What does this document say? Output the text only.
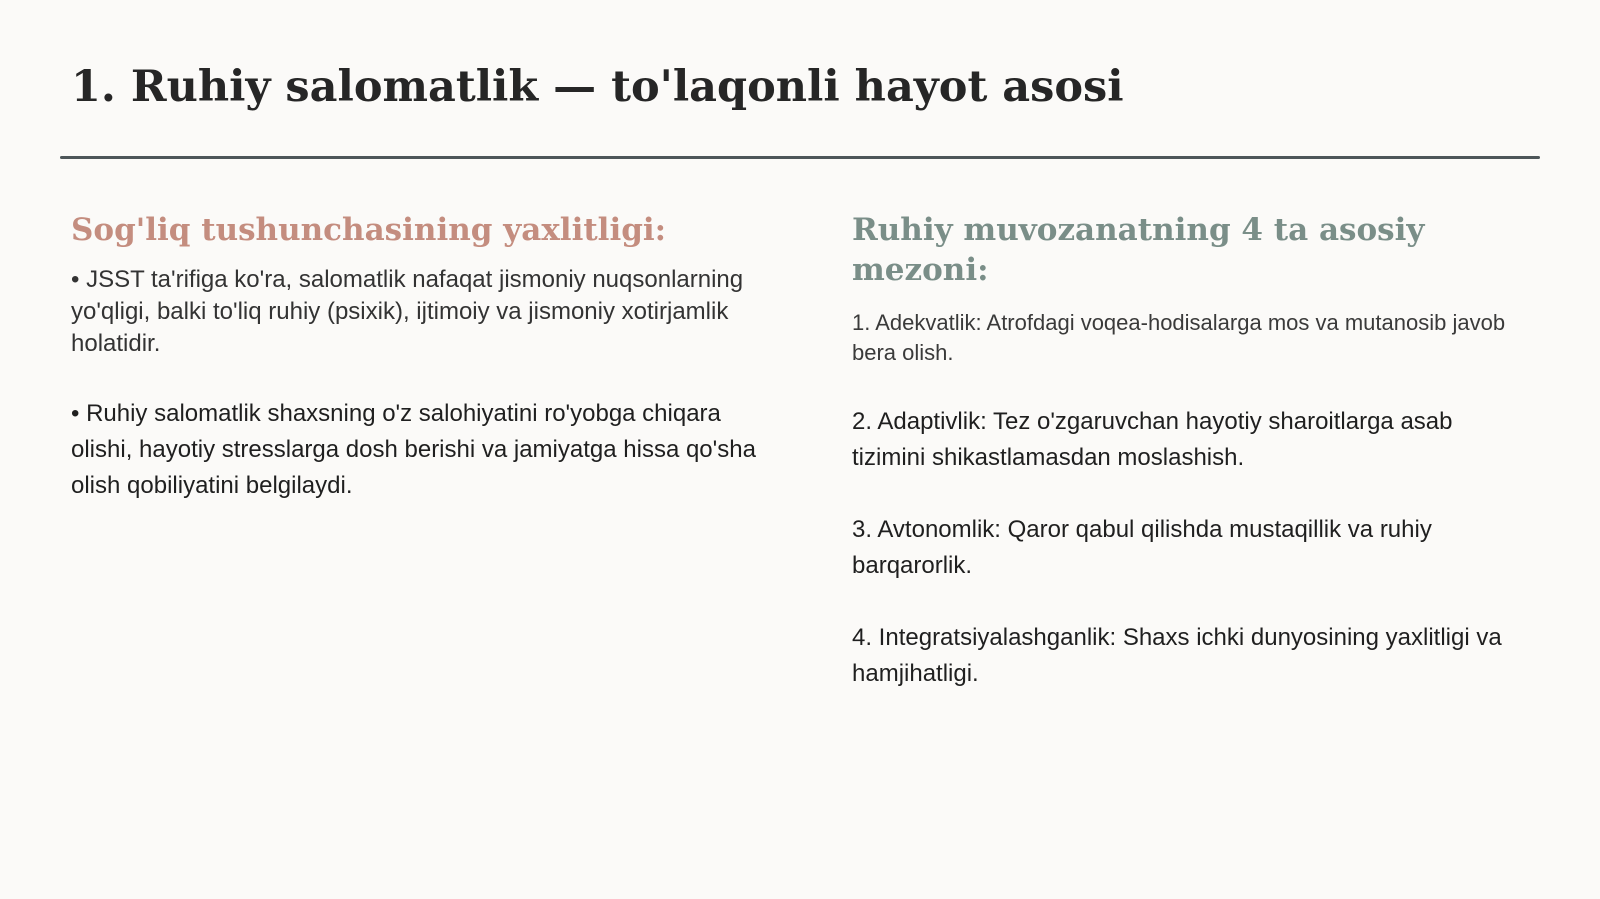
1. Ruhiy salomatlik — to'laqonli hayot asosi
Sog'liq tushunchasining yaxlitligi:

• JSST ta'rifiga ko'ra, salomatlik nafaqat jismoniy nuqsonlarning yo'qligi, balki to'liq ruhiy (psixik), ijtimoiy va jismoniy xotirjamlik holatidir.

• Ruhiy salomatlik shaxsning o'z salohiyatini ro'yobga chiqara olishi, hayotiy stresslarga dosh berishi va jamiyatga hissa qo'sha olish qobiliyatini belgilaydi.

Ruhiy muvozanatning 4 ta asosiy mezoni:

1. Adekvatlik: Atrofdagi voqea-hodisalarga mos va mutanosib javob bera olish.

2. Adaptivlik: Tez o'zgaruvchan hayotiy sharoitlarga asab tizimini shikastlamasdan moslashish.

3. Avtonomlik: Qaror qabul qilishda mustaqillik va ruhiy barqarorlik.

4. Integratsiyalashganlik: Shaxs ichki dunyosining yaxlitligi va hamjihatligi.
